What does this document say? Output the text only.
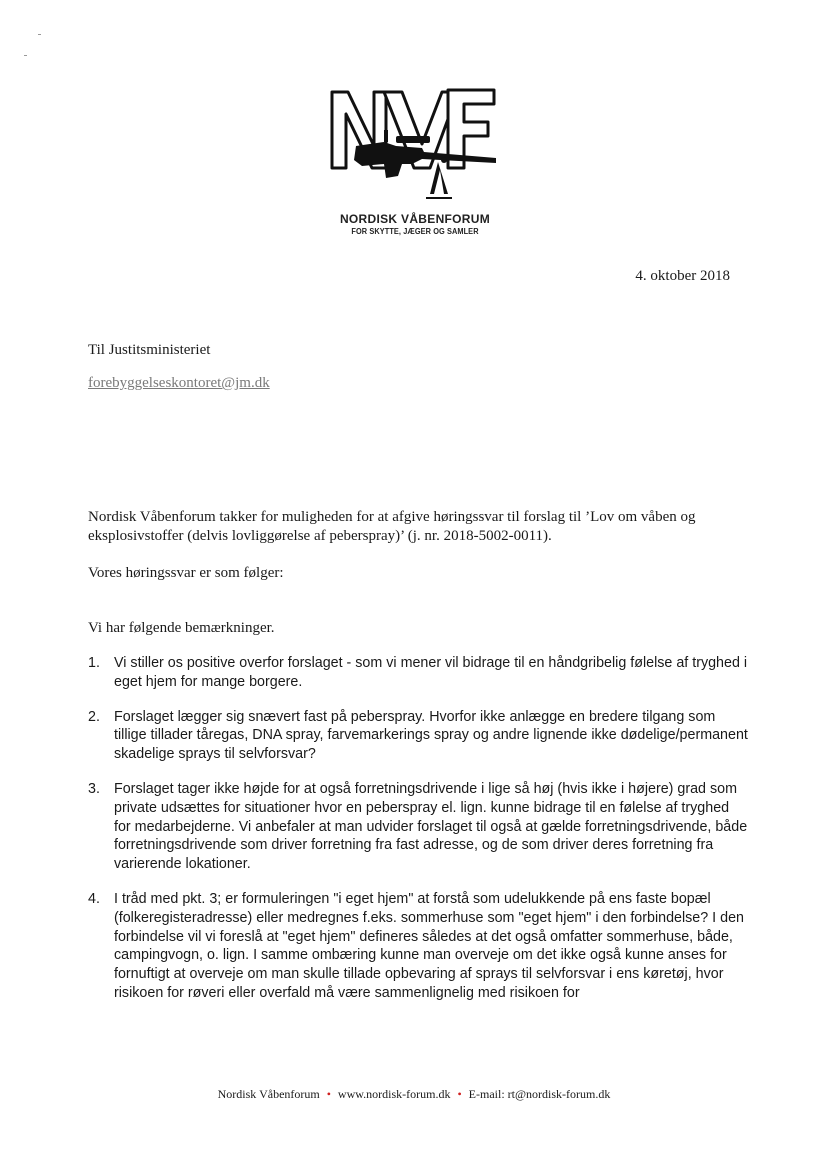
NORDISK VÅBENFORUM
FOR SKYTTE, JÆGER OG SAMLER
4. oktober 2018
Til Justitsministeriet
forebyggelseskontoret@jm.dk
Nordisk Våbenforum takker for muligheden for at afgive høringssvar til forslag til ’Lov om våben og eksplosivstoffer (delvis lovliggørelse af peberspray)’ (j. nr. 2018-5002-0011).
Vores høringssvar er som følger:
Vi har følgende bemærkninger.
1. Vi stiller os positive overfor forslaget - som vi mener vil bidrage til en håndgribelig følelse af tryghed i eget hjem for mange borgere.
2. Forslaget lægger sig snævert fast på peberspray. Hvorfor ikke anlægge en bredere tilgang som tillige tillader tåregas, DNA spray, farvemarkerings spray og andre lignende ikke dødelige/permanent skadelige sprays til selvforsvar?
3. Forslaget tager ikke højde for at også forretningsdrivende i lige så høj (hvis ikke i højere) grad som private udsættes for situationer hvor en peberspray el. lign. kunne bidrage til en følelse af tryghed for medarbejderne. Vi anbefaler at man udvider forslaget til også at gælde forretningsdrivende, både forretningsdrivende som driver forretning fra fast adresse, og de som driver deres forretning fra varierende lokationer.
4. I tråd med pkt. 3; er formuleringen "i eget hjem" at forstå som udelukkende på ens faste bopæl (folkeregisteradresse) eller medregnes f.eks. sommerhuse som "eget hjem" i den forbindelse? I den forbindelse vil vi foreslå at "eget hjem" defineres således at det også omfatter sommerhuse, både, campingvogn, o. lign. I samme ombæring kunne man overveje om det ikke også kunne anses for fornuftigt at overveje om man skulle tillade opbevaring af sprays til selvforsvar i ens køretøj, hvor risikoen for røveri eller overfald må være sammenlignelig med risikoen for
Nordisk Våbenforum • www.nordisk-forum.dk • E-mail: rt@nordisk-forum.dk
